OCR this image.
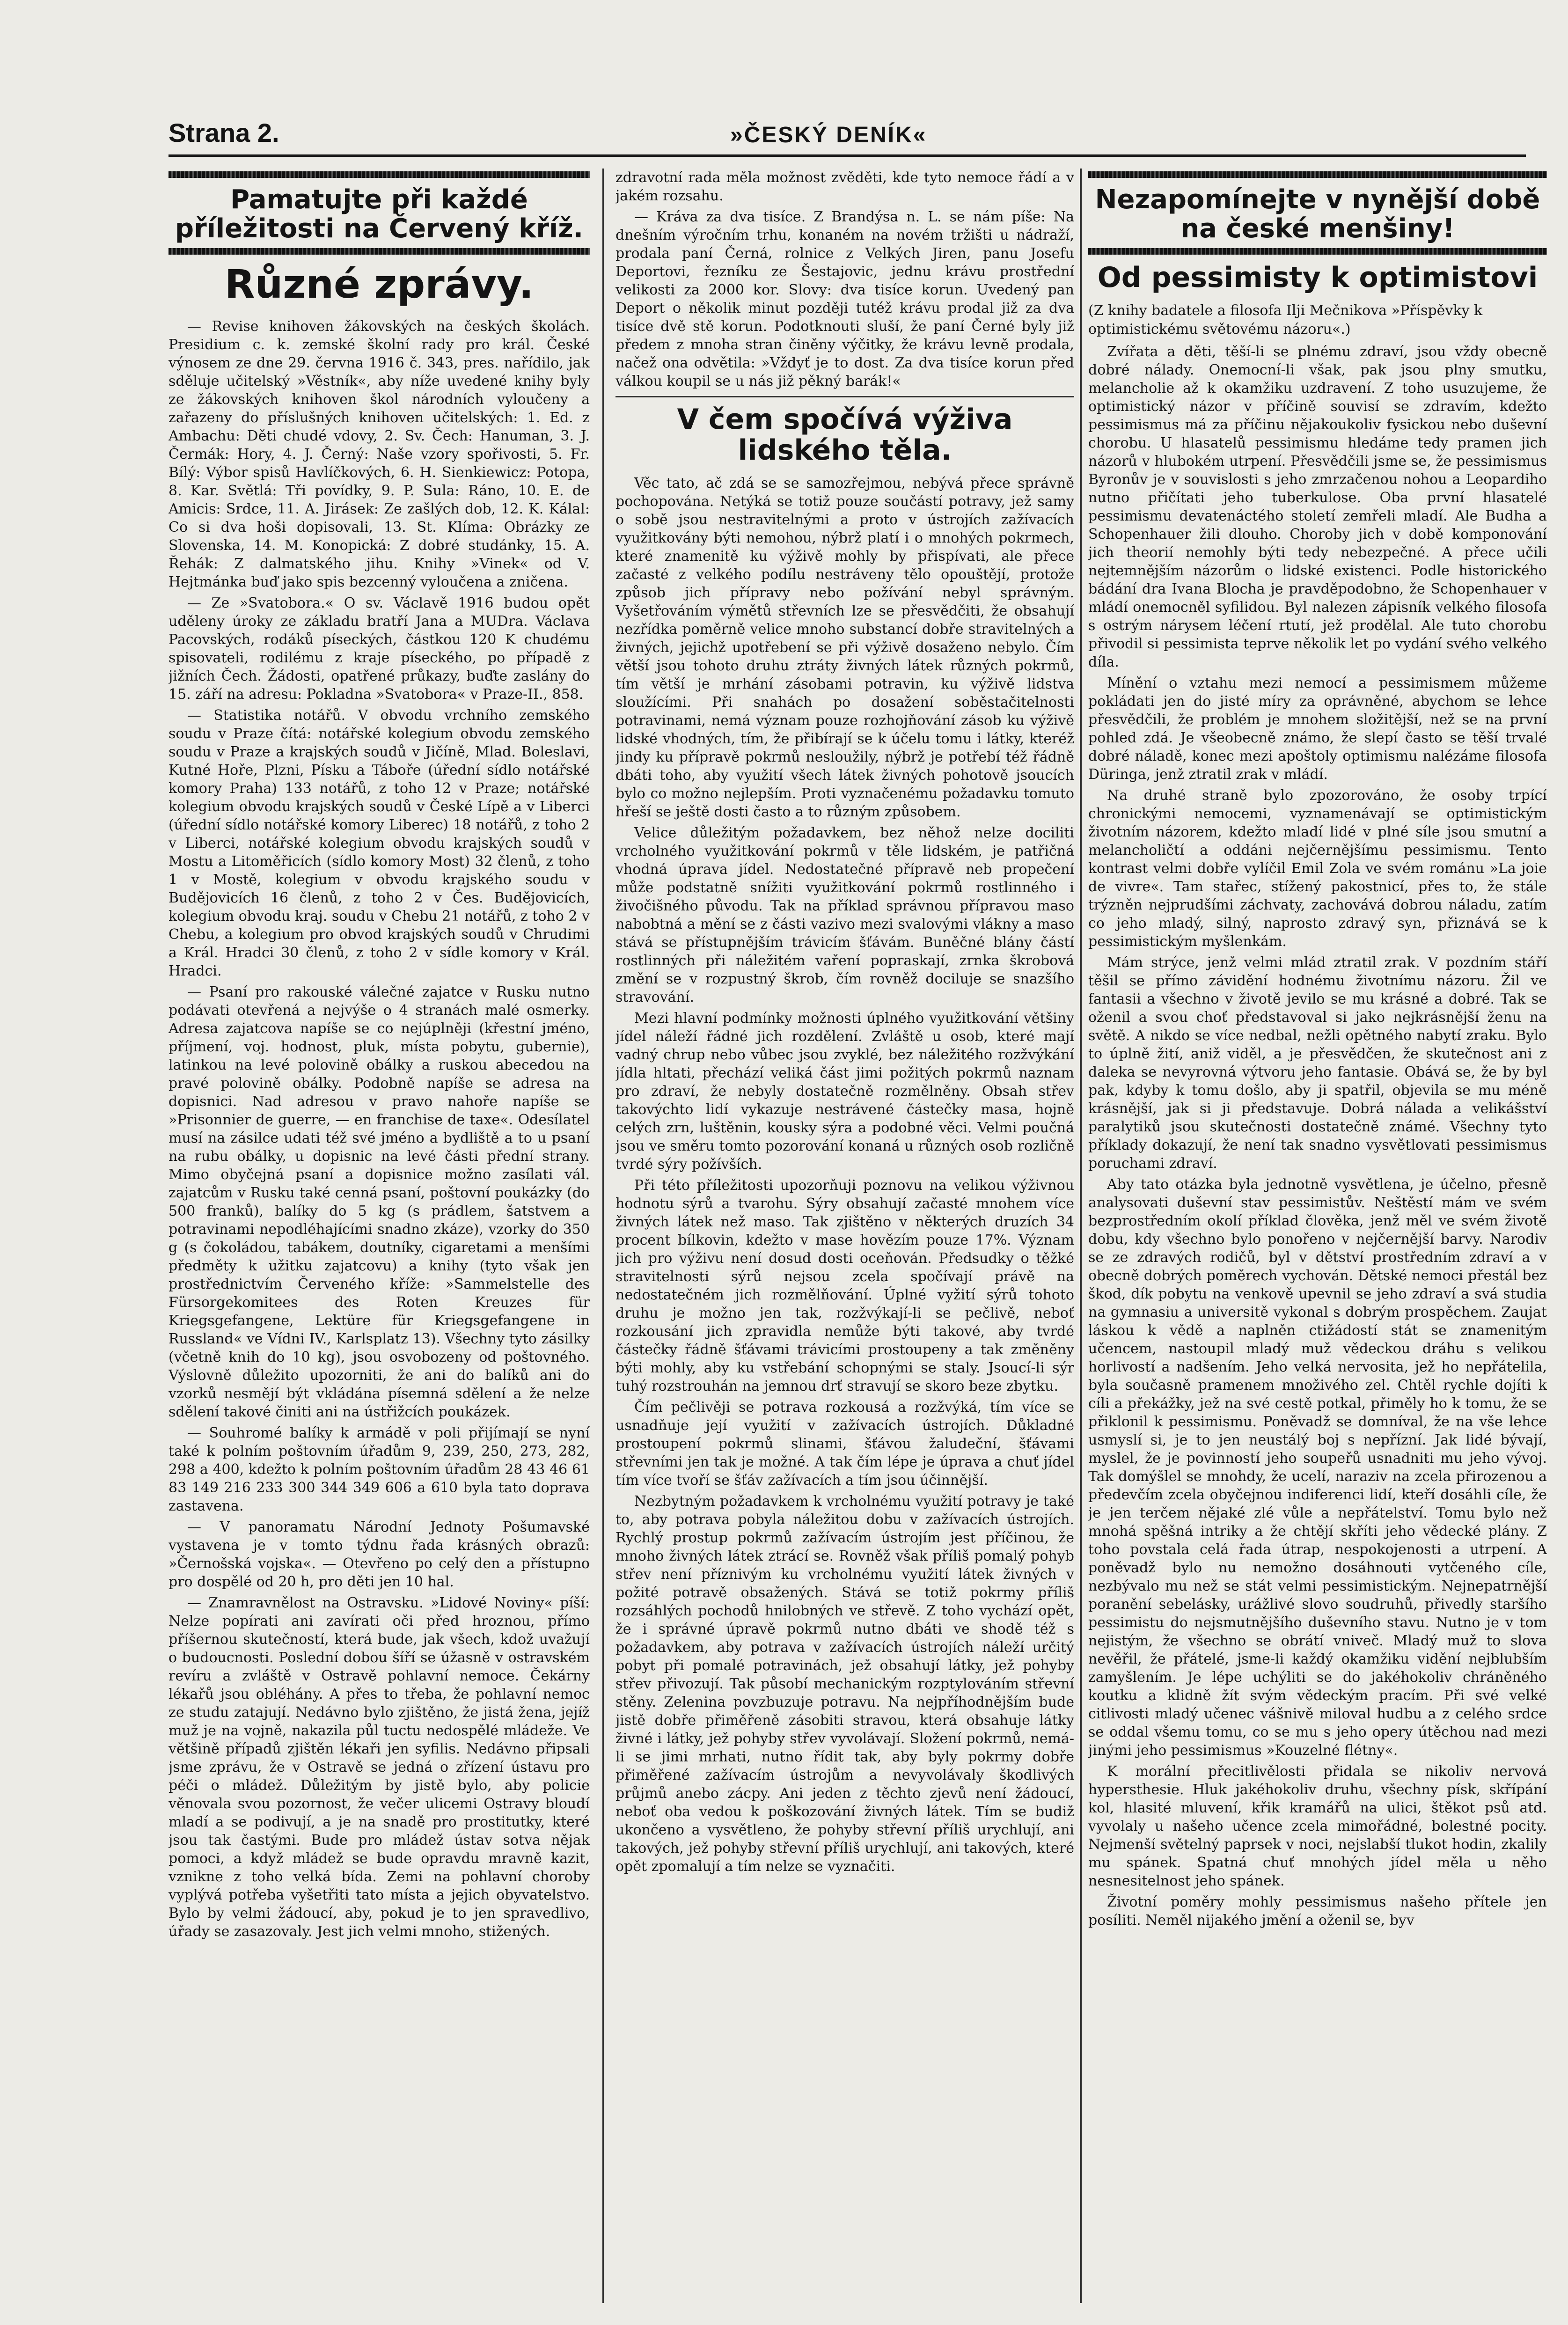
Strana 2.	»ČESKÝ DENÍK«
Pamatujte při každé příležitosti na Červený kříž.
Různé zprávy.

— Revise knihoven žákovských na českých školách. Presidium c. k. zemské školní rady pro král. České výnosem ze dne 29. června 1916 č. 343, pres. nařídilo, jak sděluje učitelský »Věstník«, aby níže uvedené knihy byly ze žákovských knihoven škol národních vyloučeny a zařazeny do příslušných knihoven učitelských: 1. Ed. z Ambachu: Děti chudé vdovy, 2. Sv. Čech: Hanuman, 3. J. Čermák: Hory, 4. J. Černý: Naše vzory spořivosti, 5. Fr. Bílý: Výbor spisů Havlíčkových, 6. H. Sienkiewicz: Potopa, 8. Kar. Světlá: Tři povídky, 9. P. Sula: Ráno, 10. E. de Amicis: Srdce, 11. A. Jirásek: Ze zašlých dob, 12. K. Kálal: Co si dva hoši dopisovali, 13. St. Klíma: Obrázky ze Slovenska, 14. M. Konopická: Z dobré studánky, 15. A. Řehák: Z dalmatského jihu. Knihy »Vinek« od V. Hejtmánka buď jako spis bezcenný vyloučena a zničena.

— Ze »Svatobora.« O sv. Václavě 1916 budou opět uděleny úroky ze základu bratří Jana a MUDra. Václava Pacovských, rodáků píseckých, částkou 120 K chudému spisovateli, rodilému z kraje píseckého, po případě z jižních Čech. Žádosti, opatřené průkazy, buďte zaslány do 15. září na adresu: Pokladna »Svatobora« v Praze-II., 858.

— Statistika notářů. V obvodu vrchního zemského soudu v Praze čítá: notářské kolegium obvodu zemského soudu v Praze a krajských soudů v Jičíně, Mlad. Boleslavi, Kutné Hoře, Plzni, Písku a Táboře (úřední sídlo notářské komory Praha) 133 notářů, z toho 12 v Praze; notářské kolegium obvodu krajských soudů v České Lípě a v Liberci (úřední sídlo notářské komory Liberec) 18 notářů, z toho 2 v Liberci, notářské kolegium obvodu krajských soudů v Mostu a Litoměřicích (sídlo komory Most) 32 členů, z toho 1 v Mostě, kolegium v obvodu krajského soudu v Budějovicích 16 členů, z toho 2 v Čes. Budějovicích, kolegium obvodu kraj. soudu v Chebu 21 notářů, z toho 2 v Chebu, a kolegium pro obvod krajských soudů v Chrudimi a Král. Hradci 30 členů, z toho 2 v sídle komory v Král. Hradci.

— Psaní pro rakouské válečné zajatce v Rusku nutno podávati otevřená a nejvýše o 4 stranách malé osmerky. Adresa zajatcova napíše se co nejúplněji (křestní jméno, příjmení, voj. hodnost, pluk, místa pobytu, gubernie), latinkou na levé polovině obálky a ruskou abecedou na pravé polovině obálky. Podobně napíše se adresa na dopisnici. Nad adresou v pravo nahoře napíše se »Prisonnier de guerre, — en franchise de taxe«. Odesílatel musí na zásilce udati též své jméno a bydliště a to u psaní na rubu obálky, u dopisnic na levé části přední strany. Mimo obyčejná psaní a dopisnice možno zasílati vál. zajatcům v Rusku také cenná psaní, poštovní poukázky (do 500 franků), balíky do 5 kg (s prádlem, šatstvem a potravinami nepodléhajícími snadno zkáze), vzorky do 350 g (s čokoládou, tabákem, doutníky, cigaretami a menšími předměty k užitku zajatcovu) a knihy (tyto však jen prostřednictvím Červeného kříže: »Sammelstelle des Fürsorgekomitees des Roten Kreuzes für Kriegsgefangene, Lektüre für Kriegsgefangene in Russland« ve Vídni IV., Karlsplatz 13). Všechny tyto zásilky (včetně knih do 10 kg), jsou osvobozeny od poštovného. Výslovně důležito upozorniti, že ani do balíků ani do vzorků nesmějí být vkládána písemná sdělení a že nelze sdělení takové činiti ani na ústřižcích poukázek.

— Souhromé balíky k armádě v poli přijímají se nyní také k polním poštovním úřadům 9, 239, 250, 273, 282, 298 a 400, kdežto k polním poštovním úřadům 28 43 46 61 83 149 216 233 300 344 349 606 a 610 byla tato doprava zastavena.

— V panoramatu Národní Jednoty Pošumavské vystavena je v tomto týdnu řada krásných obrazů: »Černošská vojska«. — Otevřeno po celý den a přístupno pro dospělé od 20 h, pro děti jen 10 hal.

— Znamravnělost na Ostravsku. »Lidové Noviny« píší: Nelze popírati ani zavírati oči před hroznou, přímo příšernou skutečností, která bude, jak všech, kdož uvažují o budoucnosti. Poslední dobou šíří se úžasně v ostravském revíru a zvláště v Ostravě pohlavní nemoce. Čekárny lékařů jsou obléhány. A přes to třeba, že pohlavní nemoc ze studu zatajují. Nedávno bylo zjištěno, že jistá žena, jejíž muž je na vojně, nakazila půl tuctu nedospělé mládeže. Ve většině případů zjištěn lékaři jen syfilis. Nedávno připsali jsme zprávu, že v Ostravě se jedná o zřízení ústavu pro péči o mládež. Důležitým by jistě bylo, aby policie věnovala svou pozornost, že večer ulicemi Ostravy bloudí mladí a se podivují, a je na snadě pro prostitutky, které jsou tak častými. Bude pro mládež ústav sotva nějak pomoci, a když mládež se bude opravdu mravně kazit, vznikne z toho velká bída. Zemi na pohlavní choroby vyplývá potřeba vyšetřiti tato místa a jejich obyvatelstvo. Bylo by velmi žádoucí, aby, pokud je to jen spravedlivo, úřady se zasazovaly. Jest jich velmi mnoho, stižených.

zdravotní rada měla možnost zvěděti, kde tyto nemoce řádí a v jakém rozsahu.

— Kráva za dva tisíce. Z Brandýsa n. L. se nám píše: Na dnešním výročním trhu, konaném na novém tržišti u nádraží, prodala paní Černá, rolnice z Velkých Jiren, panu Josefu Deportovi, řezníku ze Šestajovic, jednu krávu prostřední velikosti za 2000 kor. Slovy: dva tisíce korun. Uvedený pan Deport o několik minut později tutéž krávu prodal již za dva tisíce dvě stě korun. Podotknouti sluší, že paní Černé byly již předem z mnoha stran činěny výčitky, že krávu levně prodala, načež ona odvětila: »Vždyť je to dost. Za dva tisíce korun před válkou koupil se u nás již pěkný barák!«

V čem spočívá výživa lidského těla.

Věc tato, ač zdá se se samozřejmou, nebývá přece správně pochopována. Netýká se totiž pouze součástí potravy, jež samy o sobě jsou nestravitelnými a proto v ústrojích zažívacích využitkovány býti nemohou, nýbrž platí i o mnohých pokrmech, které znamenitě ku výživě mohly by přispívati, ale přece začasté z velkého podílu nestráveny tělo opouštějí, protože způsob jich přípravy nebo požívání nebyl správným. Vyšetřováním výmětů střevních lze se přesvědčiti, že obsahují nezřídka poměrně velice mnoho substancí dobře stravitelných a živných, jejichž upotřebení se při výživě dosaženo nebylo. Čím větší jsou tohoto druhu ztráty živných látek různých pokrmů, tím větší je mrhání zásobami potravin, ku výživě lidstva sloužícími. Při snahách po dosažení soběstačitelnosti potravinami, nemá význam pouze rozhojňování zásob ku výživě lidské vhodných, tím, že přibírají se k účelu tomu i látky, kteréž jindy ku přípravě pokrmů nesloužily, nýbrž je potřebí též řádně dbáti toho, aby využití všech látek živných pohotově jsoucích bylo co možno nejlepším. Proti vyznačenému požadavku tomuto hřeší se ještě dosti často a to různým způsobem.

Velice důležitým požadavkem, bez něhož nelze dociliti vrcholného využitkování pokrmů v těle lidském, je patřičná vhodná úprava jídel. Nedostatečné přípravě neb propečení může podstatně snížiti využitkování pokrmů rostlinného i živočišného původu. Tak na příklad správnou přípravou maso nabobtná a mění se z části vazivo mezi svalovými vlákny a maso stává se přístupnějším trávicím šťávám. Buněčné blány částí rostlinných při náležitém vaření popraskají, zrnka škrobová změní se v rozpustný škrob, čím rovněž dociluje se snazšího stravování.

Mezi hlavní podmínky možnosti úplného využitkování většiny jídel náleží řádné jich rozdělení. Zvláště u osob, které mají vadný chrup nebo vůbec jsou zvyklé, bez náležitého rozžvýkání jídla hltati, přechází veliká část jimi požitých pokrmů naznam pro zdraví, že nebyly dostatečně rozmělněny. Obsah střev takovýchto lidí vykazuje nestrávené částečky masa, hojně celých zrn, luštěnin, kousky sýra a podobné věci. Velmi poučná jsou ve směru tomto pozorování konaná u různých osob rozličně tvrdé sýry požívších.

Při této příležitosti upozorňuji poznovu na velikou výživnou hodnotu sýrů a tvarohu. Sýry obsahují začasté mnohem více živných látek než maso. Tak zjištěno v některých druzích 34 procent bílkovin, kdežto v mase hovězím pouze 17%. Význam jich pro výživu není dosud dosti oceňován. Předsudky o těžké stravitelnosti sýrů nejsou zcela spočívají právě na nedostatečném jich rozmělňování. Úplné vyžití sýrů tohoto druhu je možno jen tak, rozžvýkají-li se pečlivě, neboť rozkousání jich zpravidla nemůže býti takové, aby tvrdé částečky řádně šťávami trávicími prostoupeny a tak změněny býti mohly, aby ku vstřebání schopnými se staly. Jsoucí-li sýr tuhý rozstrouhán na jemnou drť stravují se skoro beze zbytku.

Čím pečlivěji se potrava rozkousá a rozžvýká, tím více se usnadňuje její využití v zažívacích ústrojích. Důkladné prostoupení pokrmů slinami, šťávou žaludeční, šťávami střevními jen tak je možné. A tak čím lépe je úprava a chuť jídel tím více tvoří se šťáv zažívacích a tím jsou účinnější.

Nezbytným požadavkem k vrcholnému využití potravy je také to, aby potrava pobyla náležitou dobu v zažívacích ústrojích. Rychlý prostup pokrmů zažívacím ústrojím jest příčinou, že mnoho živných látek ztrácí se. Rovněž však příliš pomalý pohyb střev není příznivým ku vrcholnému využití látek živných v požité potravě obsažených. Stává se totiž pokrmy příliš rozsáhlých pochodů hnilobných ve střevě. Z toho vychází opět, že i správné úpravě pokrmů nutno dbáti ve shodě též s požadavkem, aby potrava v zažívacích ústrojích náleží určitý pobyt při pomalé potravinách, jež obsahují látky, jež pohyby střev přivozují. Tak působí mechanickým rozptylováním střevní stěny. Zelenina povzbuzuje potravu. Na nejpříhodnějším bude jistě dobře přiměřeně zásobiti stravou, která obsahuje látky živné i látky, jež pohyby střev vyvolávají. Složení pokrmů, nemá-li se jimi mrhati, nutno řídit tak, aby byly pokrmy dobře přiměřené zažívacím ústrojům a nevyvolávaly škodlivých průjmů anebo zácpy. Ani jeden z těchto zjevů není žádoucí, neboť oba vedou k poškozování živných látek. Tím se budiž ukončeno a vysvětleno, že pohyby střevní příliš urychlují, ani takových, jež pohyby střevní příliš urychlují, ani takových, které opět zpomalují a tím nelze se vyznačiti.

Nezapomínejte v nynější době na české menšiny!
Od pessimisty k optimistovi

(Z knihy badatele a filosofa Ilji Mečnikova »Příspěvky k optimistickému světovému názoru«.)

Zvířata a děti, těší-li se plnému zdraví, jsou vždy obecně dobré nálady. Onemocní-li však, pak jsou plny smutku, melancholie až k okamžiku uzdravení. Z toho usuzujeme, že optimistický názor v příčině souvisí se zdravím, kdežto pessimismus má za příčinu nějakoukoliv fysickou nebo duševní chorobu. U hlasatelů pessimismu hledáme tedy pramen jich názorů v hlubokém utrpení. Přesvědčili jsme se, že pessimismus Byronův je v souvislosti s jeho zmrzačenou nohou a Leopardiho nutno přičítati jeho tuberkulose. Oba první hlasatelé pessimismu devatenáctého století zemřeli mladí. Ale Budha a Schopenhauer žili dlouho. Choroby jich v době komponování jich theorií nemohly býti tedy nebezpečné. A přece učili nejtemnějším názorům o lidské existenci. Podle historického bádání dra Ivana Blocha je pravděpodobno, že Schopenhauer v mládí onemocněl syfilidou. Byl nalezen zápisník velkého filosofa s ostrým nárysem léčení rtutí, jež prodělal. Ale tuto chorobu přivodil si pessimista teprve několik let po vydání svého velkého díla.

Mínění o vztahu mezi nemocí a pessimismem můžeme pokládati jen do jisté míry za oprávněné, abychom se lehce přesvědčili, že problém je mnohem složitější, než se na první pohled zdá. Je všeobecně známo, že slepí často se těší trvalé dobré náladě, konec mezi apoštoly optimismu nalézáme filosofa Düringa, jenž ztratil zrak v mládí.

Na druhé straně bylo zpozorováno, že osoby trpící chronickými nemocemi, vyznamenávají se optimistickým životním názorem, kdežto mladí lidé v plné síle jsou smutní a melancholičtí a oddáni nejčernějšímu pessimismu. Tento kontrast velmi dobře vylíčil Emil Zola ve svém románu »La joie de vivre«. Tam stařec, stížený pakostnicí, přes to, že stále trýzněn nejprudšími záchvaty, zachovává dobrou náladu, zatím co jeho mladý, silný, naprosto zdravý syn, přiznává se k pessimistickým myšlenkám.

Mám strýce, jenž velmi mlád ztratil zrak. V pozdním stáří těšil se přímo závidění hodnému životnímu názoru. Žil ve fantasii a všechno v životě jevilo se mu krásné a dobré. Tak se oženil a svou choť představoval si jako nejkrásnější ženu na světě. A nikdo se více nedbal, nežli opětného nabytí zraku. Bylo to úplně žití, aniž viděl, a je přesvědčen, že skutečnost ani z daleka se nevyrovná výtvoru jeho fantasie. Obává se, že by byl pak, kdyby k tomu došlo, aby ji spatřil, objevila se mu méně krásnější, jak si ji představuje. Dobrá nálada a velikášství paralytiků jsou skutečnosti dostatečně známé. Všechny tyto příklady dokazují, že není tak snadno vysvětlovati pessimismus poruchami zdraví.

Aby tato otázka byla jednotně vysvětlena, je účelno, přesně analysovati duševní stav pessimistův. Neštěstí mám ve svém bezprostředním okolí příklad člověka, jenž měl ve svém životě dobu, kdy všechno bylo ponořeno v nejčernější barvy. Narodiv se ze zdravých rodičů, byl v dětství prostředním zdraví a v obecně dobrých poměrech vychován. Dětské nemoci přestál bez škod, dík pobytu na venkově upevnil se jeho zdraví a svá studia na gymnasiu a universitě vykonal s dobrým prospěchem. Zaujat láskou k vědě a naplněn ctižádostí stát se znamenitým učencem, nastoupil mladý muž vědeckou dráhu s velikou horlivostí a nadšením. Jeho velká nervosita, jež ho nepřátelila, byla současně pramenem množivého zel. Chtěl rychle dojíti k cíli a překážky, jež na své cestě potkal, přiměly ho k tomu, že se přiklonil k pessimismu. Poněvadž se domníval, že na vše lehce usmyslí si, je to jen neustálý boj s nepřízní. Jak lidé bývají, myslel, že je povinností jeho soupeřů usnadniti mu jeho vývoj. Tak domýšlel se mnohdy, že ucelí, naraziv na zcela přirozenou a předevčím zcela obyčejnou indiferenci lidí, kteří dosáhli cíle, že je jen terčem nějaké zlé vůle a nepřátelství. Tomu bylo než mnohá spěšná intriky a že chtějí skříti jeho vědecké plány. Z toho povstala celá řada útrap, nespokojenosti a utrpení. A poněvadž bylo nu nemožno dosáhnouti vytčeného cíle, nezbývalo mu než se stát velmi pessimistickým. Nejnepatrnější poranění sebelásky, urážlivé slovo soudruhů, přivedly staršího pessimistu do nejsmutnějšího duševního stavu. Nutno je v tom nejistým, že všechno se obrátí vniveč. Mladý muž to slova nevěřil, že přátelé, jsme-li každý okamžiku vidění nejblubším zamyšlením. Je lépe uchýliti se do jakéhokoliv chráněného koutku a klidně žít svým vědeckým pracím. Při své velké citlivosti mladý učenec vášnivě miloval hudbu a z celého srdce se oddal všemu tomu, co se mu s jeho opery útěchou nad mezi jinými jeho pessimismus »Kouzelné flétny«.

K morální přecitlivělosti přidala se nikoliv nervová hypersthesie. Hluk jakéhokoliv druhu, všechny písk, skřípání kol, hlasité mluvení, křik kramářů na ulici, štěkot psů atd. vyvolaly u našeho učence zcela mimořádné, bolestné pocity. Nejmenší světelný paprsek v noci, nejslabší tlukot hodin, zkalily mu spánek. Spatná chuť mnohých jídel měla u něho nesnesitelnost jeho spánek.

Životní poměry mohly pessimismus našeho přítele jen posíliti. Neměl nijakého jmění a oženil se, byv
